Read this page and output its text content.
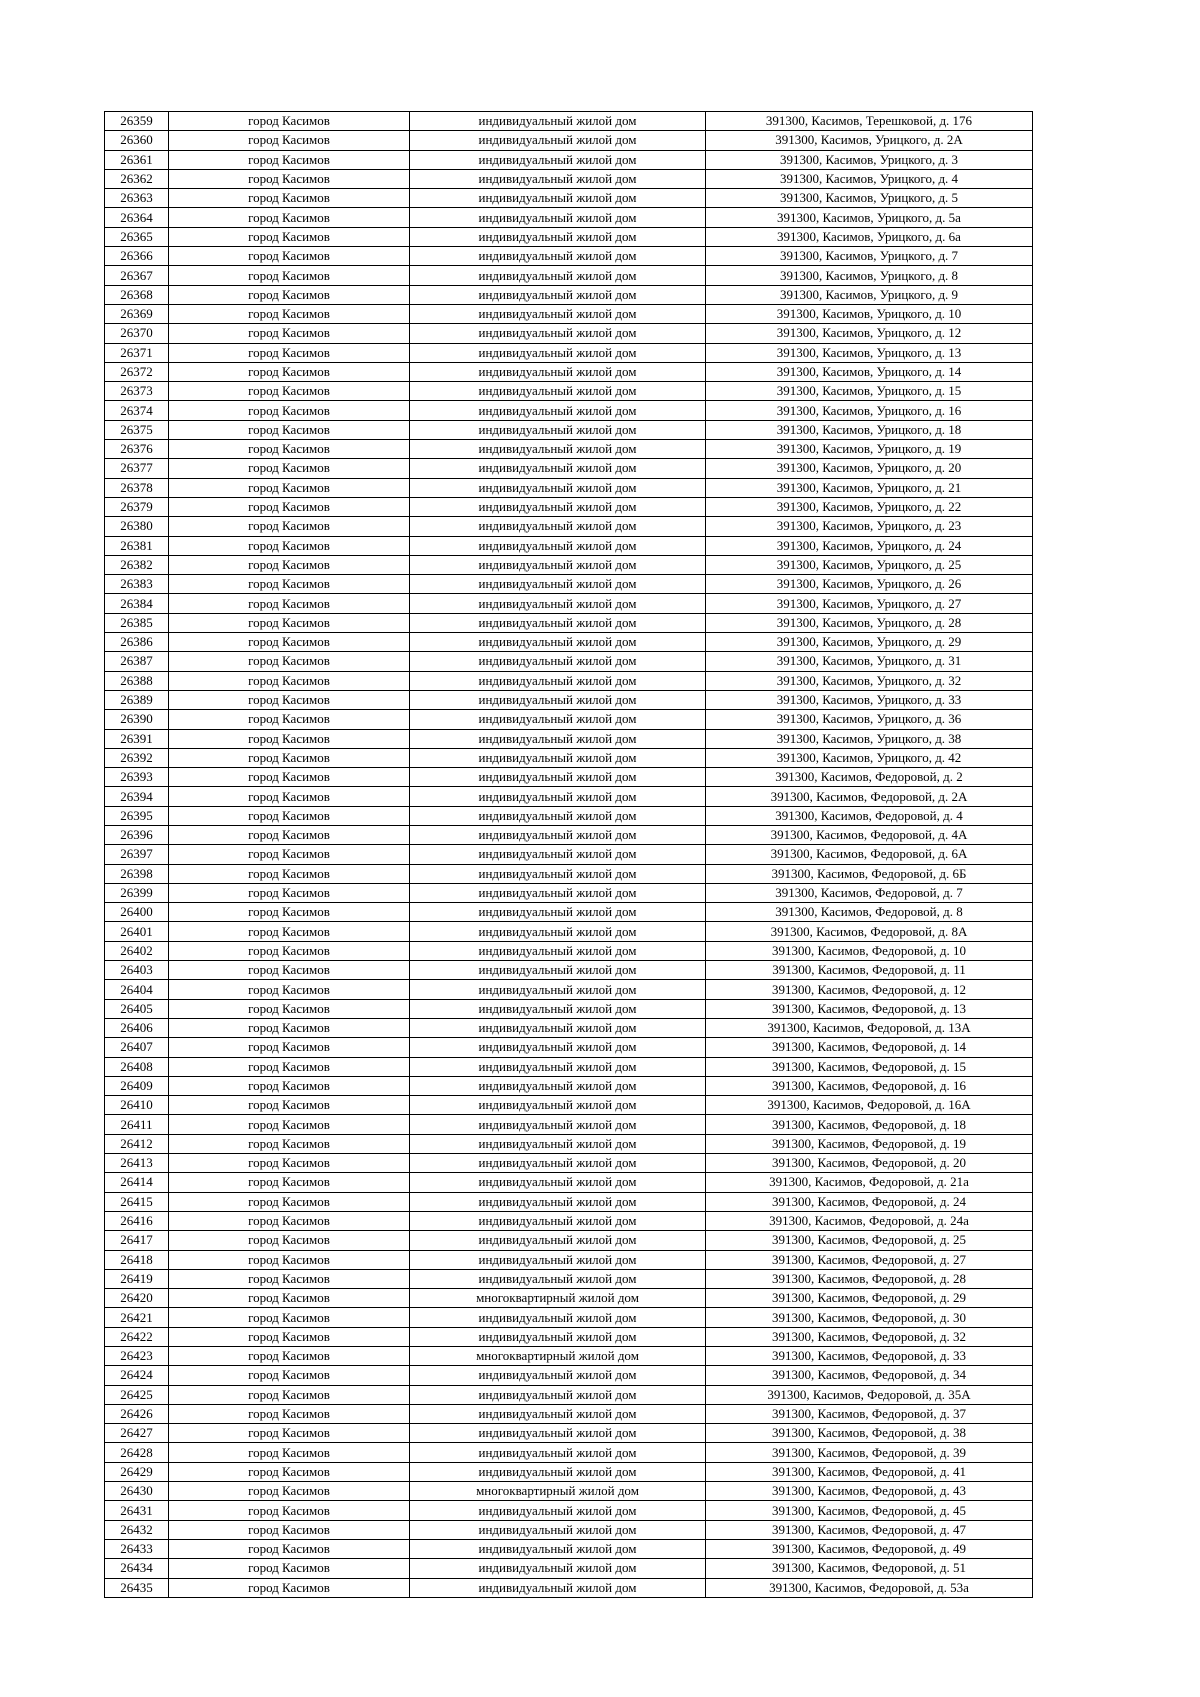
26359	город Касимов	индивидуальный жилой дом	391300, Касимов, Терешковой, д. 176
26360	город Касимов	индивидуальный жилой дом	391300, Касимов, Урицкого, д. 2А
26361	город Касимов	индивидуальный жилой дом	391300, Касимов, Урицкого, д. 3
26362	город Касимов	индивидуальный жилой дом	391300, Касимов, Урицкого, д. 4
26363	город Касимов	индивидуальный жилой дом	391300, Касимов, Урицкого, д. 5
26364	город Касимов	индивидуальный жилой дом	391300, Касимов, Урицкого, д. 5а
26365	город Касимов	индивидуальный жилой дом	391300, Касимов, Урицкого, д. 6а
26366	город Касимов	индивидуальный жилой дом	391300, Касимов, Урицкого, д. 7
26367	город Касимов	индивидуальный жилой дом	391300, Касимов, Урицкого, д. 8
26368	город Касимов	индивидуальный жилой дом	391300, Касимов, Урицкого, д. 9
26369	город Касимов	индивидуальный жилой дом	391300, Касимов, Урицкого, д. 10
26370	город Касимов	индивидуальный жилой дом	391300, Касимов, Урицкого, д. 12
26371	город Касимов	индивидуальный жилой дом	391300, Касимов, Урицкого, д. 13
26372	город Касимов	индивидуальный жилой дом	391300, Касимов, Урицкого, д. 14
26373	город Касимов	индивидуальный жилой дом	391300, Касимов, Урицкого, д. 15
26374	город Касимов	индивидуальный жилой дом	391300, Касимов, Урицкого, д. 16
26375	город Касимов	индивидуальный жилой дом	391300, Касимов, Урицкого, д. 18
26376	город Касимов	индивидуальный жилой дом	391300, Касимов, Урицкого, д. 19
26377	город Касимов	индивидуальный жилой дом	391300, Касимов, Урицкого, д. 20
26378	город Касимов	индивидуальный жилой дом	391300, Касимов, Урицкого, д. 21
26379	город Касимов	индивидуальный жилой дом	391300, Касимов, Урицкого, д. 22
26380	город Касимов	индивидуальный жилой дом	391300, Касимов, Урицкого, д. 23
26381	город Касимов	индивидуальный жилой дом	391300, Касимов, Урицкого, д. 24
26382	город Касимов	индивидуальный жилой дом	391300, Касимов, Урицкого, д. 25
26383	город Касимов	индивидуальный жилой дом	391300, Касимов, Урицкого, д. 26
26384	город Касимов	индивидуальный жилой дом	391300, Касимов, Урицкого, д. 27
26385	город Касимов	индивидуальный жилой дом	391300, Касимов, Урицкого, д. 28
26386	город Касимов	индивидуальный жилой дом	391300, Касимов, Урицкого, д. 29
26387	город Касимов	индивидуальный жилой дом	391300, Касимов, Урицкого, д. 31
26388	город Касимов	индивидуальный жилой дом	391300, Касимов, Урицкого, д. 32
26389	город Касимов	индивидуальный жилой дом	391300, Касимов, Урицкого, д. 33
26390	город Касимов	индивидуальный жилой дом	391300, Касимов, Урицкого, д. 36
26391	город Касимов	индивидуальный жилой дом	391300, Касимов, Урицкого, д. 38
26392	город Касимов	индивидуальный жилой дом	391300, Касимов, Урицкого, д. 42
26393	город Касимов	индивидуальный жилой дом	391300, Касимов, Федоровой, д. 2
26394	город Касимов	индивидуальный жилой дом	391300, Касимов, Федоровой, д. 2А
26395	город Касимов	индивидуальный жилой дом	391300, Касимов, Федоровой, д. 4
26396	город Касимов	индивидуальный жилой дом	391300, Касимов, Федоровой, д. 4А
26397	город Касимов	индивидуальный жилой дом	391300, Касимов, Федоровой, д. 6А
26398	город Касимов	индивидуальный жилой дом	391300, Касимов, Федоровой, д. 6Б
26399	город Касимов	индивидуальный жилой дом	391300, Касимов, Федоровой, д. 7
26400	город Касимов	индивидуальный жилой дом	391300, Касимов, Федоровой, д. 8
26401	город Касимов	индивидуальный жилой дом	391300, Касимов, Федоровой, д. 8А
26402	город Касимов	индивидуальный жилой дом	391300, Касимов, Федоровой, д. 10
26403	город Касимов	индивидуальный жилой дом	391300, Касимов, Федоровой, д. 11
26404	город Касимов	индивидуальный жилой дом	391300, Касимов, Федоровой, д. 12
26405	город Касимов	индивидуальный жилой дом	391300, Касимов, Федоровой, д. 13
26406	город Касимов	индивидуальный жилой дом	391300, Касимов, Федоровой, д. 13А
26407	город Касимов	индивидуальный жилой дом	391300, Касимов, Федоровой, д. 14
26408	город Касимов	индивидуальный жилой дом	391300, Касимов, Федоровой, д. 15
26409	город Касимов	индивидуальный жилой дом	391300, Касимов, Федоровой, д. 16
26410	город Касимов	индивидуальный жилой дом	391300, Касимов, Федоровой, д. 16А
26411	город Касимов	индивидуальный жилой дом	391300, Касимов, Федоровой, д. 18
26412	город Касимов	индивидуальный жилой дом	391300, Касимов, Федоровой, д. 19
26413	город Касимов	индивидуальный жилой дом	391300, Касимов, Федоровой, д. 20
26414	город Касимов	индивидуальный жилой дом	391300, Касимов, Федоровой, д. 21а
26415	город Касимов	индивидуальный жилой дом	391300, Касимов, Федоровой, д. 24
26416	город Касимов	индивидуальный жилой дом	391300, Касимов, Федоровой, д. 24а
26417	город Касимов	индивидуальный жилой дом	391300, Касимов, Федоровой, д. 25
26418	город Касимов	индивидуальный жилой дом	391300, Касимов, Федоровой, д. 27
26419	город Касимов	индивидуальный жилой дом	391300, Касимов, Федоровой, д. 28
26420	город Касимов	многоквартирный жилой дом	391300, Касимов, Федоровой, д. 29
26421	город Касимов	индивидуальный жилой дом	391300, Касимов, Федоровой, д. 30
26422	город Касимов	индивидуальный жилой дом	391300, Касимов, Федоровой, д. 32
26423	город Касимов	многоквартирный жилой дом	391300, Касимов, Федоровой, д. 33
26424	город Касимов	индивидуальный жилой дом	391300, Касимов, Федоровой, д. 34
26425	город Касимов	индивидуальный жилой дом	391300, Касимов, Федоровой, д. 35А
26426	город Касимов	индивидуальный жилой дом	391300, Касимов, Федоровой, д. 37
26427	город Касимов	индивидуальный жилой дом	391300, Касимов, Федоровой, д. 38
26428	город Касимов	индивидуальный жилой дом	391300, Касимов, Федоровой, д. 39
26429	город Касимов	индивидуальный жилой дом	391300, Касимов, Федоровой, д. 41
26430	город Касимов	многоквартирный жилой дом	391300, Касимов, Федоровой, д. 43
26431	город Касимов	индивидуальный жилой дом	391300, Касимов, Федоровой, д. 45
26432	город Касимов	индивидуальный жилой дом	391300, Касимов, Федоровой, д. 47
26433	город Касимов	индивидуальный жилой дом	391300, Касимов, Федоровой, д. 49
26434	город Касимов	индивидуальный жилой дом	391300, Касимов, Федоровой, д. 51
26435	город Касимов	индивидуальный жилой дом	391300, Касимов, Федоровой, д. 53а
